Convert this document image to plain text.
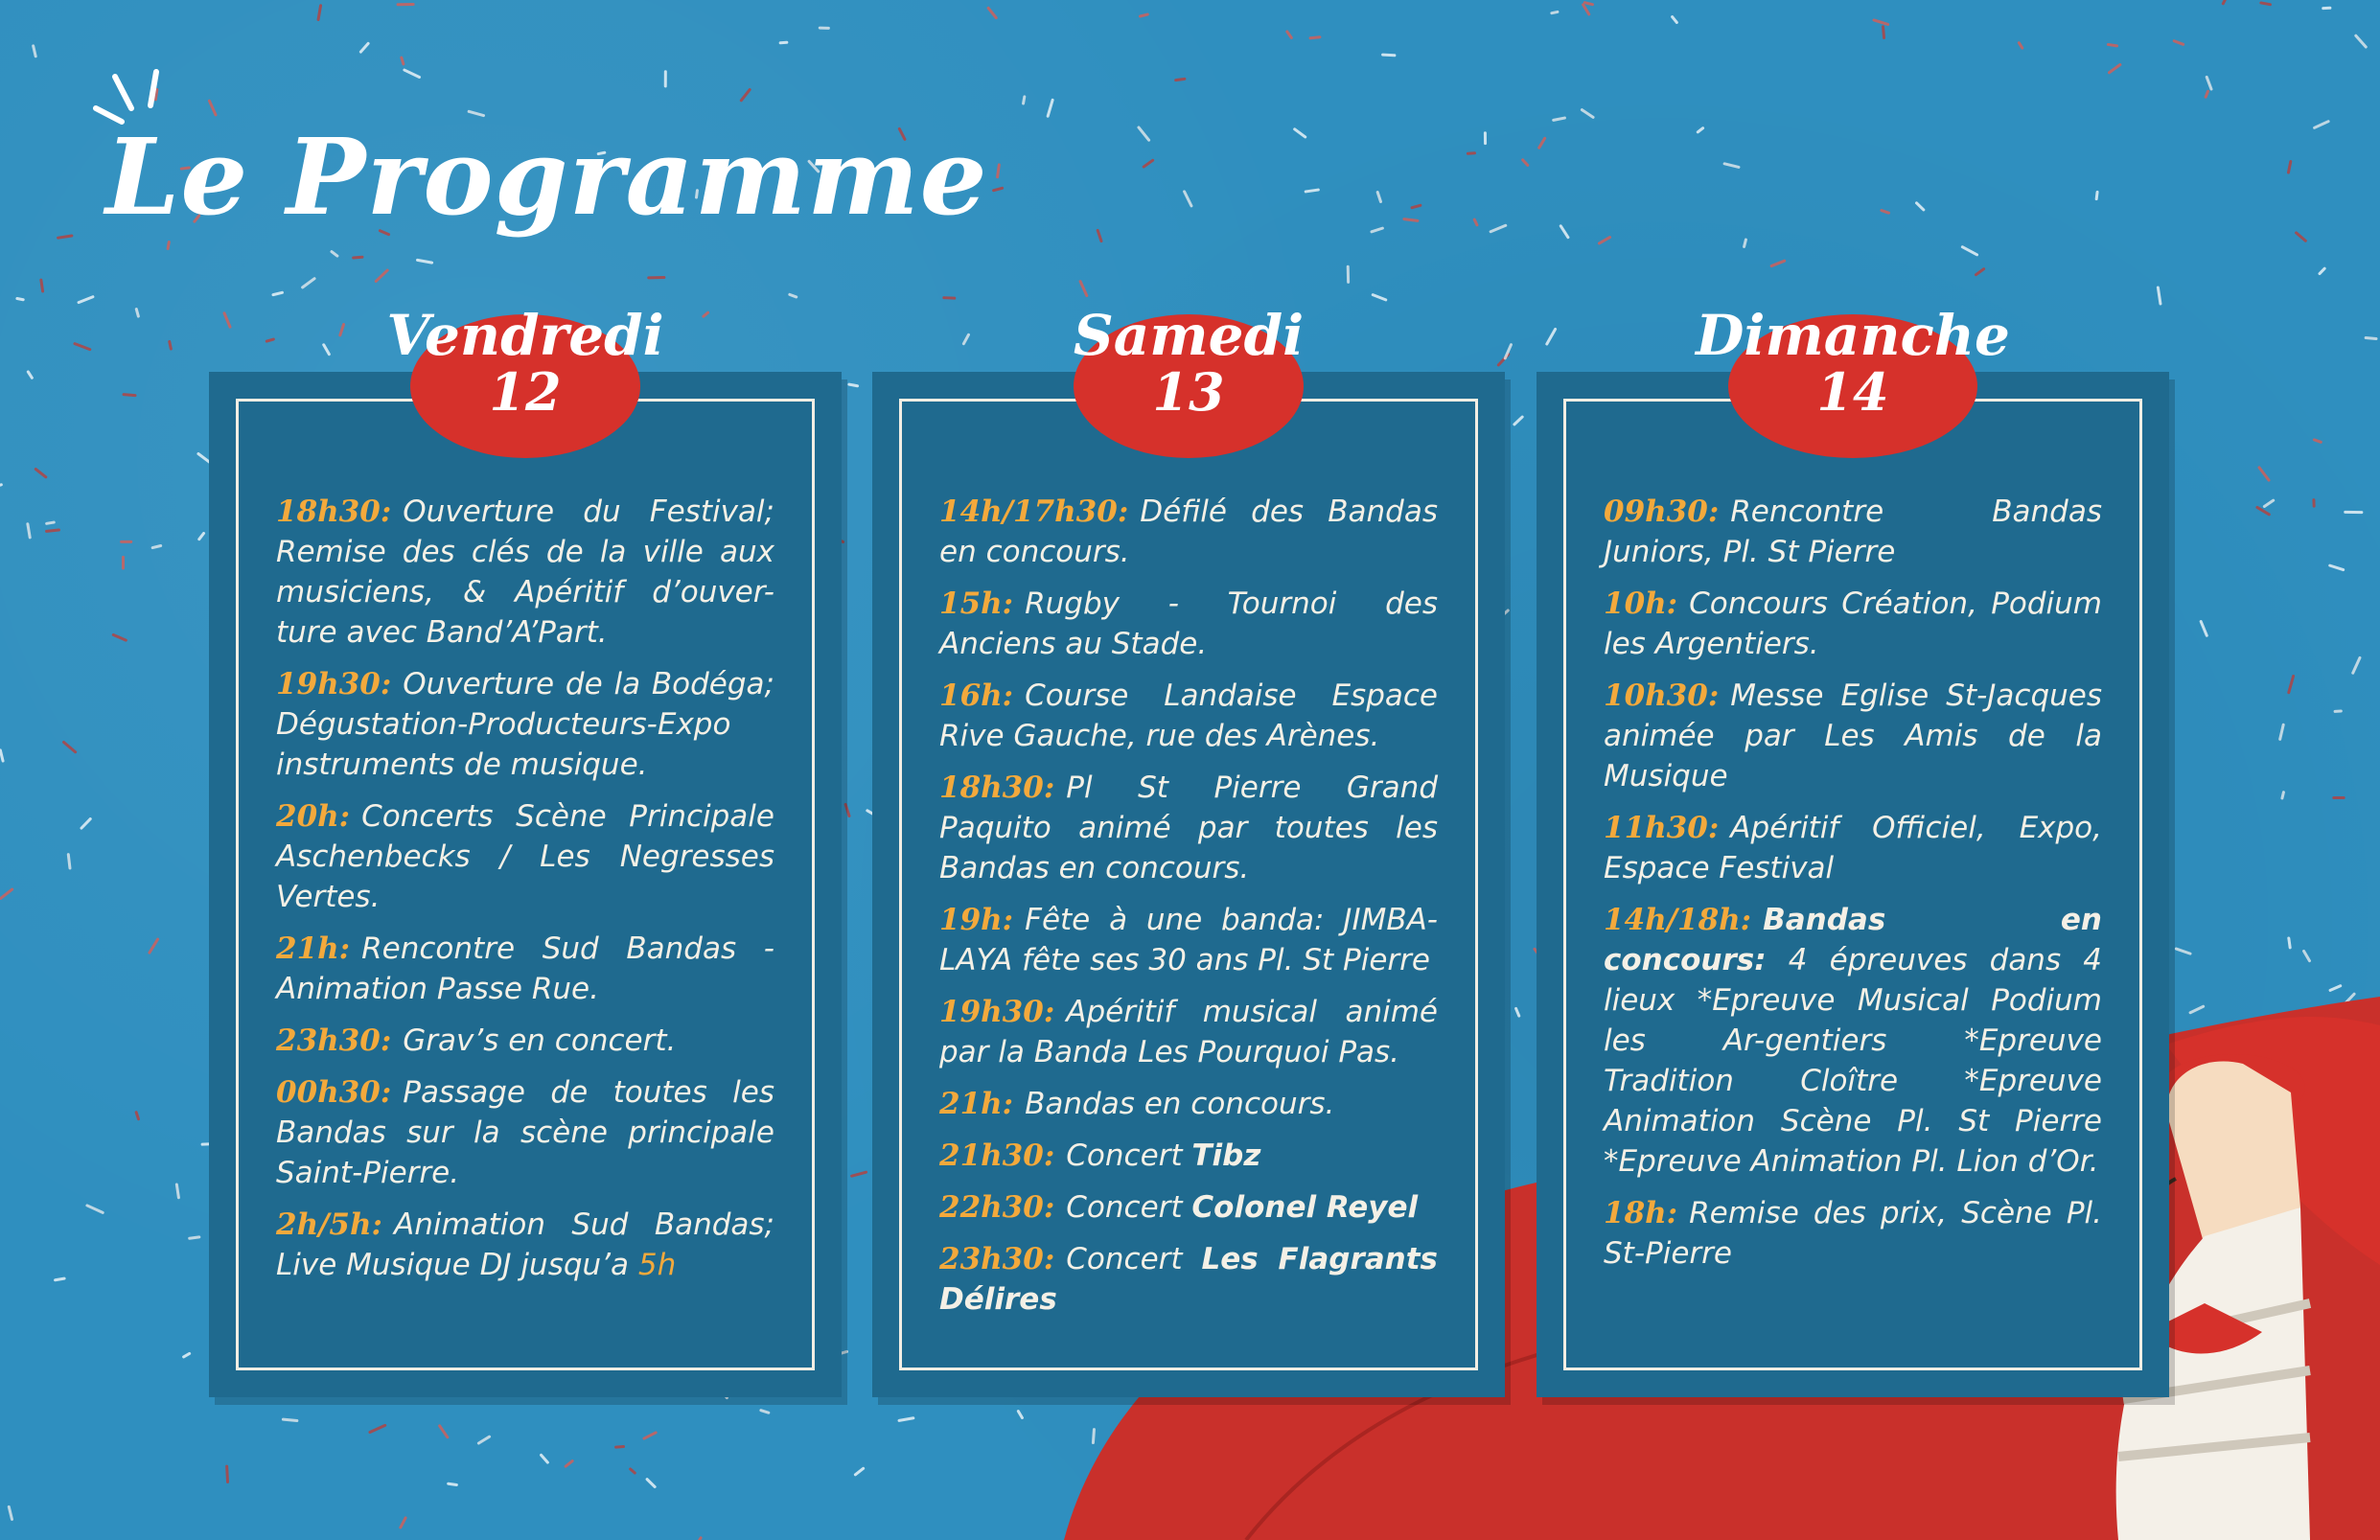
Le Programme
Vendredi
12

18h30: Ouverture du Festival; Remise des clés de la ville aux musiciens, & Apéritif d’ouver-ture avec Band’A’Part.

19h30: Ouverture de la Bodéga; Dégustation-Producteurs-Expo instruments de musique.

20h: Concerts Scène Principale Aschenbecks / Les Negresses Vertes.

21h: Rencontre Sud Bandas - Animation Passe Rue.

23h30: Grav’s en concert.

00h30: Passage de toutes les Bandas sur la scène principale Saint-Pierre.

2h/5h: Animation Sud Bandas; Live Musique DJ jusqu’a 5h

Samedi
13

14h/17h30: Défilé des Bandas en concours.

15h: Rugby - Tournoi des Anciens au Stade.

16h: Course Landaise Espace Rive Gauche, rue des Arènes.

18h30: Pl St Pierre Grand Paquito animé par toutes les Bandas en concours.

19h: Fête à une banda: JIMBA-LAYA fête ses 30 ans Pl. St Pierre

19h30: Apéritif musical animé par la Banda Les Pourquoi Pas.

21h: Bandas en concours.

21h30: Concert Tibz

22h30: Concert Colonel Reyel

23h30: Concert Les Flagrants Délires

Dimanche
14

09h30: Rencontre Bandas Juniors, Pl. St Pierre

10h: Concours Création, Podium les Argentiers.

10h30: Messe Eglise St-Jacques animée par Les Amis de la Musique

11h30: Apéritif Officiel, Expo, Espace Festival

14h/18h: Bandas en concours: 4 épreuves dans 4 lieux *Epreuve Musical Podium les Ar-gentiers *Epreuve Tradition Cloître *Epreuve Animation Scène Pl. St Pierre *Epreuve Animation Pl. Lion d’Or.

18h: Remise des prix, Scène Pl. St-Pierre
